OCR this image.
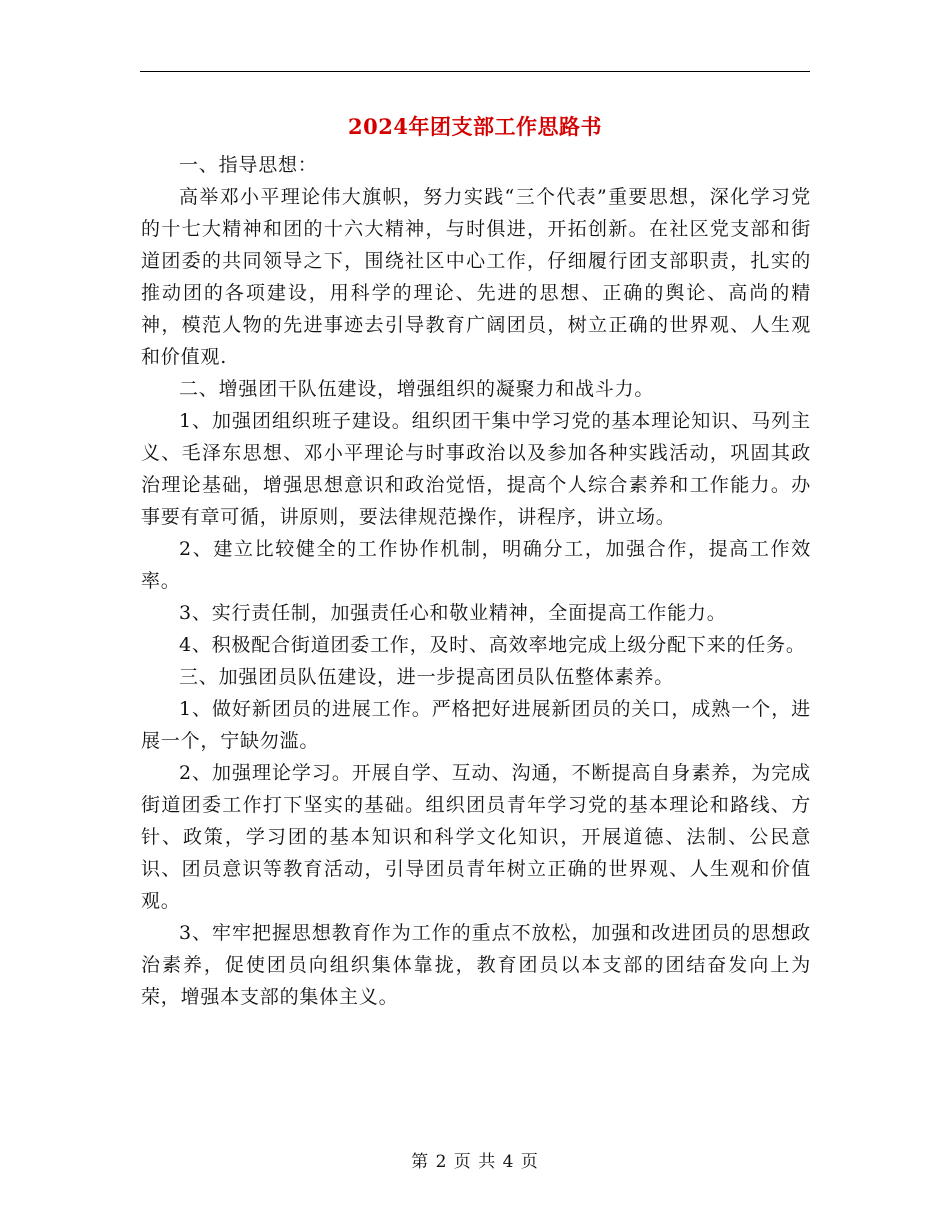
2024年团支部工作思路书

一、指导思想：

高举邓小平理论伟大旗帜，努力实践“三个代表”重要思想，深化学习党的十七大精神和团的十六大精神，与时俱进，开拓创新。在社区党支部和街道团委的共同领导之下，围绕社区中心工作，仔细履行团支部职责，扎实的推动团的各项建设，用科学的理论、先进的思想、正确的舆论、高尚的精神，模范人物的先进事迹去引导教育广阔团员，树立正确的世界观、人生观和价值观.

二、增强团干队伍建设，增强组织的凝聚力和战斗力。

1、加强团组织班子建设。组织团干集中学习党的基本理论知识、马列主义、毛泽东思想、邓小平理论与时事政治以及参加各种实践活动，巩固其政治理论基础，增强思想意识和政治觉悟，提高个人综合素养和工作能力。办事要有章可循，讲原则，要法律规范操作，讲程序，讲立场。

2、建立比较健全的工作协作机制，明确分工，加强合作，提高工作效率。

3、实行责任制，加强责任心和敬业精神，全面提高工作能力。

4、积极配合街道团委工作，及时、高效率地完成上级分配下来的任务。

三、加强团员队伍建设，进一步提高团员队伍整体素养。

1、做好新团员的进展工作。严格把好进展新团员的关口，成熟一个，进展一个，宁缺勿滥。

2、加强理论学习。开展自学、互动、沟通，不断提高自身素养，为完成街道团委工作打下坚实的基础。组织团员青年学习党的基本理论和路线、方针、政策，学习团的基本知识和科学文化知识，开展道德、法制、公民意识、团员意识等教育活动，引导团员青年树立正确的世界观、人生观和价值观。

3、牢牢把握思想教育作为工作的重点不放松，加强和改进团员的思想政治素养，促使团员向组织集体靠拢，教育团员以本支部的团结奋发向上为荣，增强本支部的集体主义。

第 2 页 共 4 页
